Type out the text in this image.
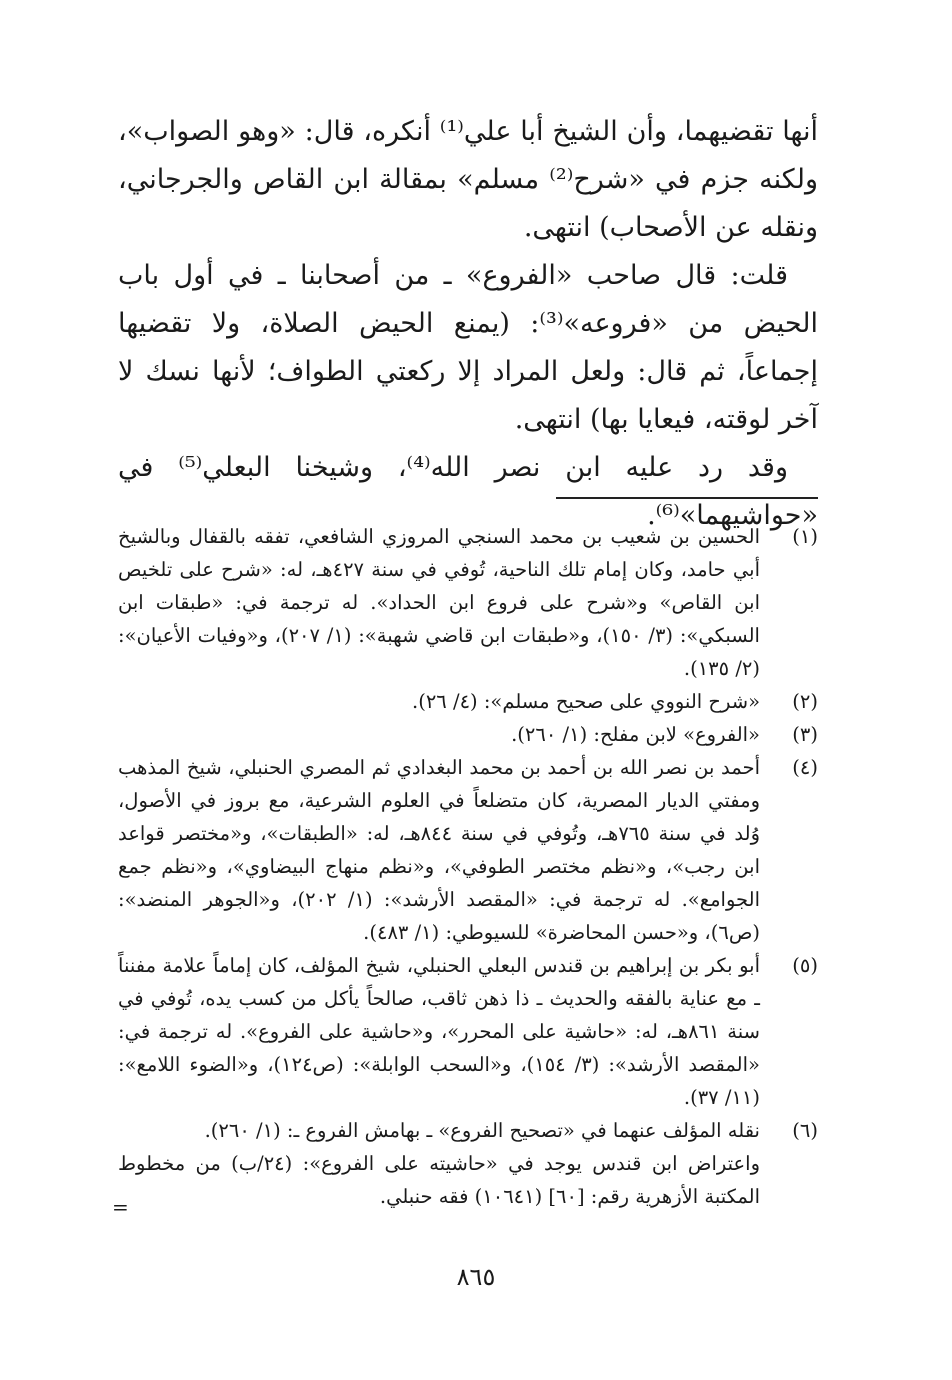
أنها تقضيهما، وأن الشيخ أبا علي⁽¹⁾ أنكره، قال: «وهو الصواب»، ولكنه جزم في «شرح⁽²⁾ مسلم» بمقالة ابن القاص والجرجاني، ونقله عن الأصحاب) انتهى.

قلت: قال صاحب «الفروع» ـ من أصحابنا ـ في أول باب الحيض من «فروعه»⁽³⁾: (يمنع الحيض الصلاة، ولا تقضيها إجماعاً، ثم قال: ولعل المراد إلا ركعتي الطواف؛ لأنها نسك لا آخر لوقته، فيعايا بها) انتهى.

وقد رد عليه ابن نصر الله⁽⁴⁾، وشيخنا البعلي⁽⁵⁾ في «حواشيهما»⁽⁶⁾.

(١)
الحسين بن شعيب بن محمد السنجي المروزي الشافعي، تفقه بالقفال وبالشيخ أبي حامد، وكان إمام تلك الناحية، تُوفي في سنة ٤٢٧هـ، له: «شرح على تلخيص ابن القاص» و«شرح على فروع ابن الحداد». له ترجمة في: «طبقات ابن السبكي»: (٣/ ١٥٠)، و«طبقات ابن قاضي شهبة»: (١/ ٢٠٧)، و«وفيات الأعيان»: (٢/ ١٣٥).
(٢)
«شرح النووي على صحيح مسلم»: (٤/ ٢٦).
(٣)
«الفروع» لابن مفلح: (١/ ٢٦٠).
(٤)
أحمد بن نصر الله بن أحمد بن محمد البغدادي ثم المصري الحنبلي، شيخ المذهب ومفتي الديار المصرية، كان متضلعاً في العلوم الشرعية، مع بروز في الأصول، وُلد في سنة ٧٦٥هـ، وتُوفي في سنة ٨٤٤هـ، له: «الطبقات»، و«مختصر قواعد ابن رجب»، و«نظم مختصر الطوفي»، و«نظم منهاج البيضاوي»، و«نظم جمع الجوامع». له ترجمة في: «المقصد الأرشد»: (١/ ٢٠٢)، و«الجوهر المنضد»: (ص٦)، و«حسن المحاضرة» للسيوطي: (١/ ٤٨٣).
(٥)
أبو بكر بن إبراهيم بن قندس البعلي الحنبلي، شيخ المؤلف، كان إماماً علامة مفنناً ـ مع عناية بالفقه والحديث ـ ذا ذهن ثاقب، صالحاً يأكل من كسب يده، تُوفي في سنة ٨٦١هـ، له: «حاشية على المحرر»، و«حاشية على الفروع». له ترجمة في: «المقصد الأرشد»: (٣/ ١٥٤)، و«السحب الوابلة»: (ص١٢٤)، و«الضوء اللامع»: (١١/ ٣٧).
(٦)
نقله المؤلف عنهما في «تصحيح الفروع» ـ بهامش الفروع ـ: (١/ ٢٦٠).

واعتراض ابن قندس يوجد في «حاشيته على الفروع»: (٢٤/ب) من مخطوط المكتبة الأزهرية رقم: [٦٠] (١٠٦٤١) فقه حنبلي.

=
٨٦٥
